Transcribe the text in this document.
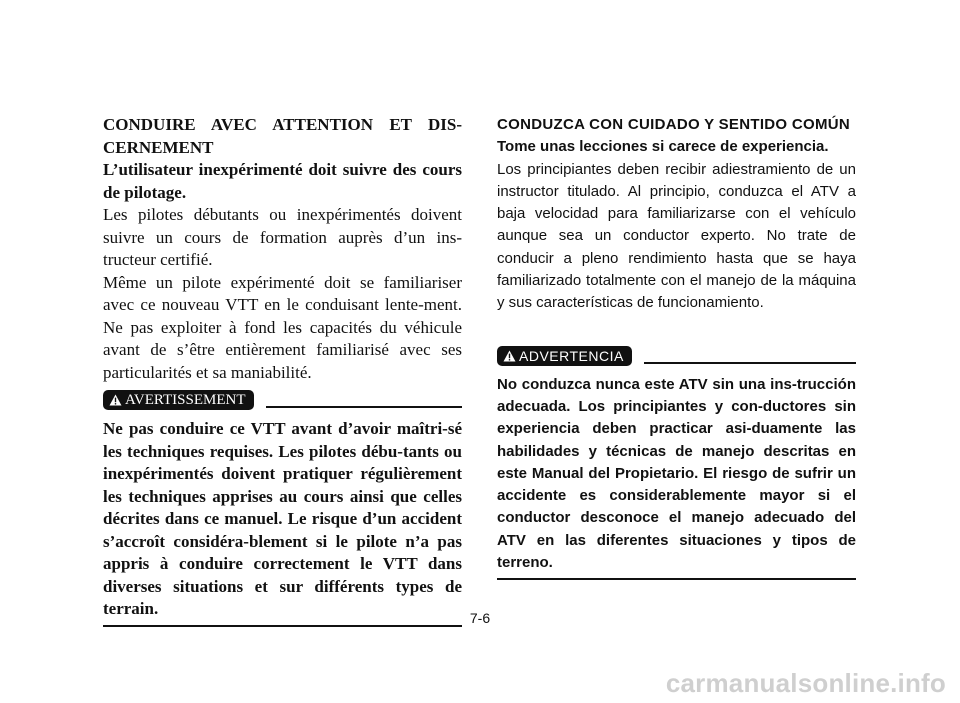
CONDUIRE AVEC ATTENTION ET DIS-CERNEMENT

L’utilisateur inexpérimenté doit suivre des cours de pilotage.

Les pilotes débutants ou inexpérimentés doivent suivre un cours de formation auprès d’un ins-tructeur certifié.

Même un pilote expérimenté doit se familiariser avec ce nouveau VTT en le conduisant lente-ment. Ne pas exploiter à fond les capacités du véhicule avant de s’être entièrement familiarisé avec ses particularités et sa maniabilité.

AVERTISSEMENT

Ne pas conduire ce VTT avant d’avoir maîtri-sé les techniques requises. Les pilotes débu-tants ou inexpérimentés doivent pratiquer régulièrement les techniques apprises au cours ainsi que celles décrites dans ce manuel. Le risque d’un accident s’accroît considéra-blement si le pilote n’a pas appris à conduire correctement le VTT dans diverses situations et sur différents types de terrain.

CONDUZCA CON CUIDADO Y SENTIDO COMÚN

Tome unas lecciones si carece de experiencia.

Los principiantes deben recibir adiestramiento de un instructor titulado. Al principio, conduzca el ATV a baja velocidad para familiarizarse con el vehículo aunque sea un conductor experto. No trate de conducir a pleno rendimiento hasta que se haya familiarizado totalmente con el manejo de la máquina y sus características de funcionamiento.

ADVERTENCIA

No conduzca nunca este ATV sin una ins-trucción adecuada. Los principiantes y con-ductores sin experiencia deben practicar asi-duamente las habilidades y técnicas de manejo descritas en este Manual del Propietario. El riesgo de sufrir un accidente es considerablemente mayor si el conductor desconoce el manejo adecuado del ATV en las diferentes situaciones y tipos de terreno.

7-6
carmanualsonline.info
